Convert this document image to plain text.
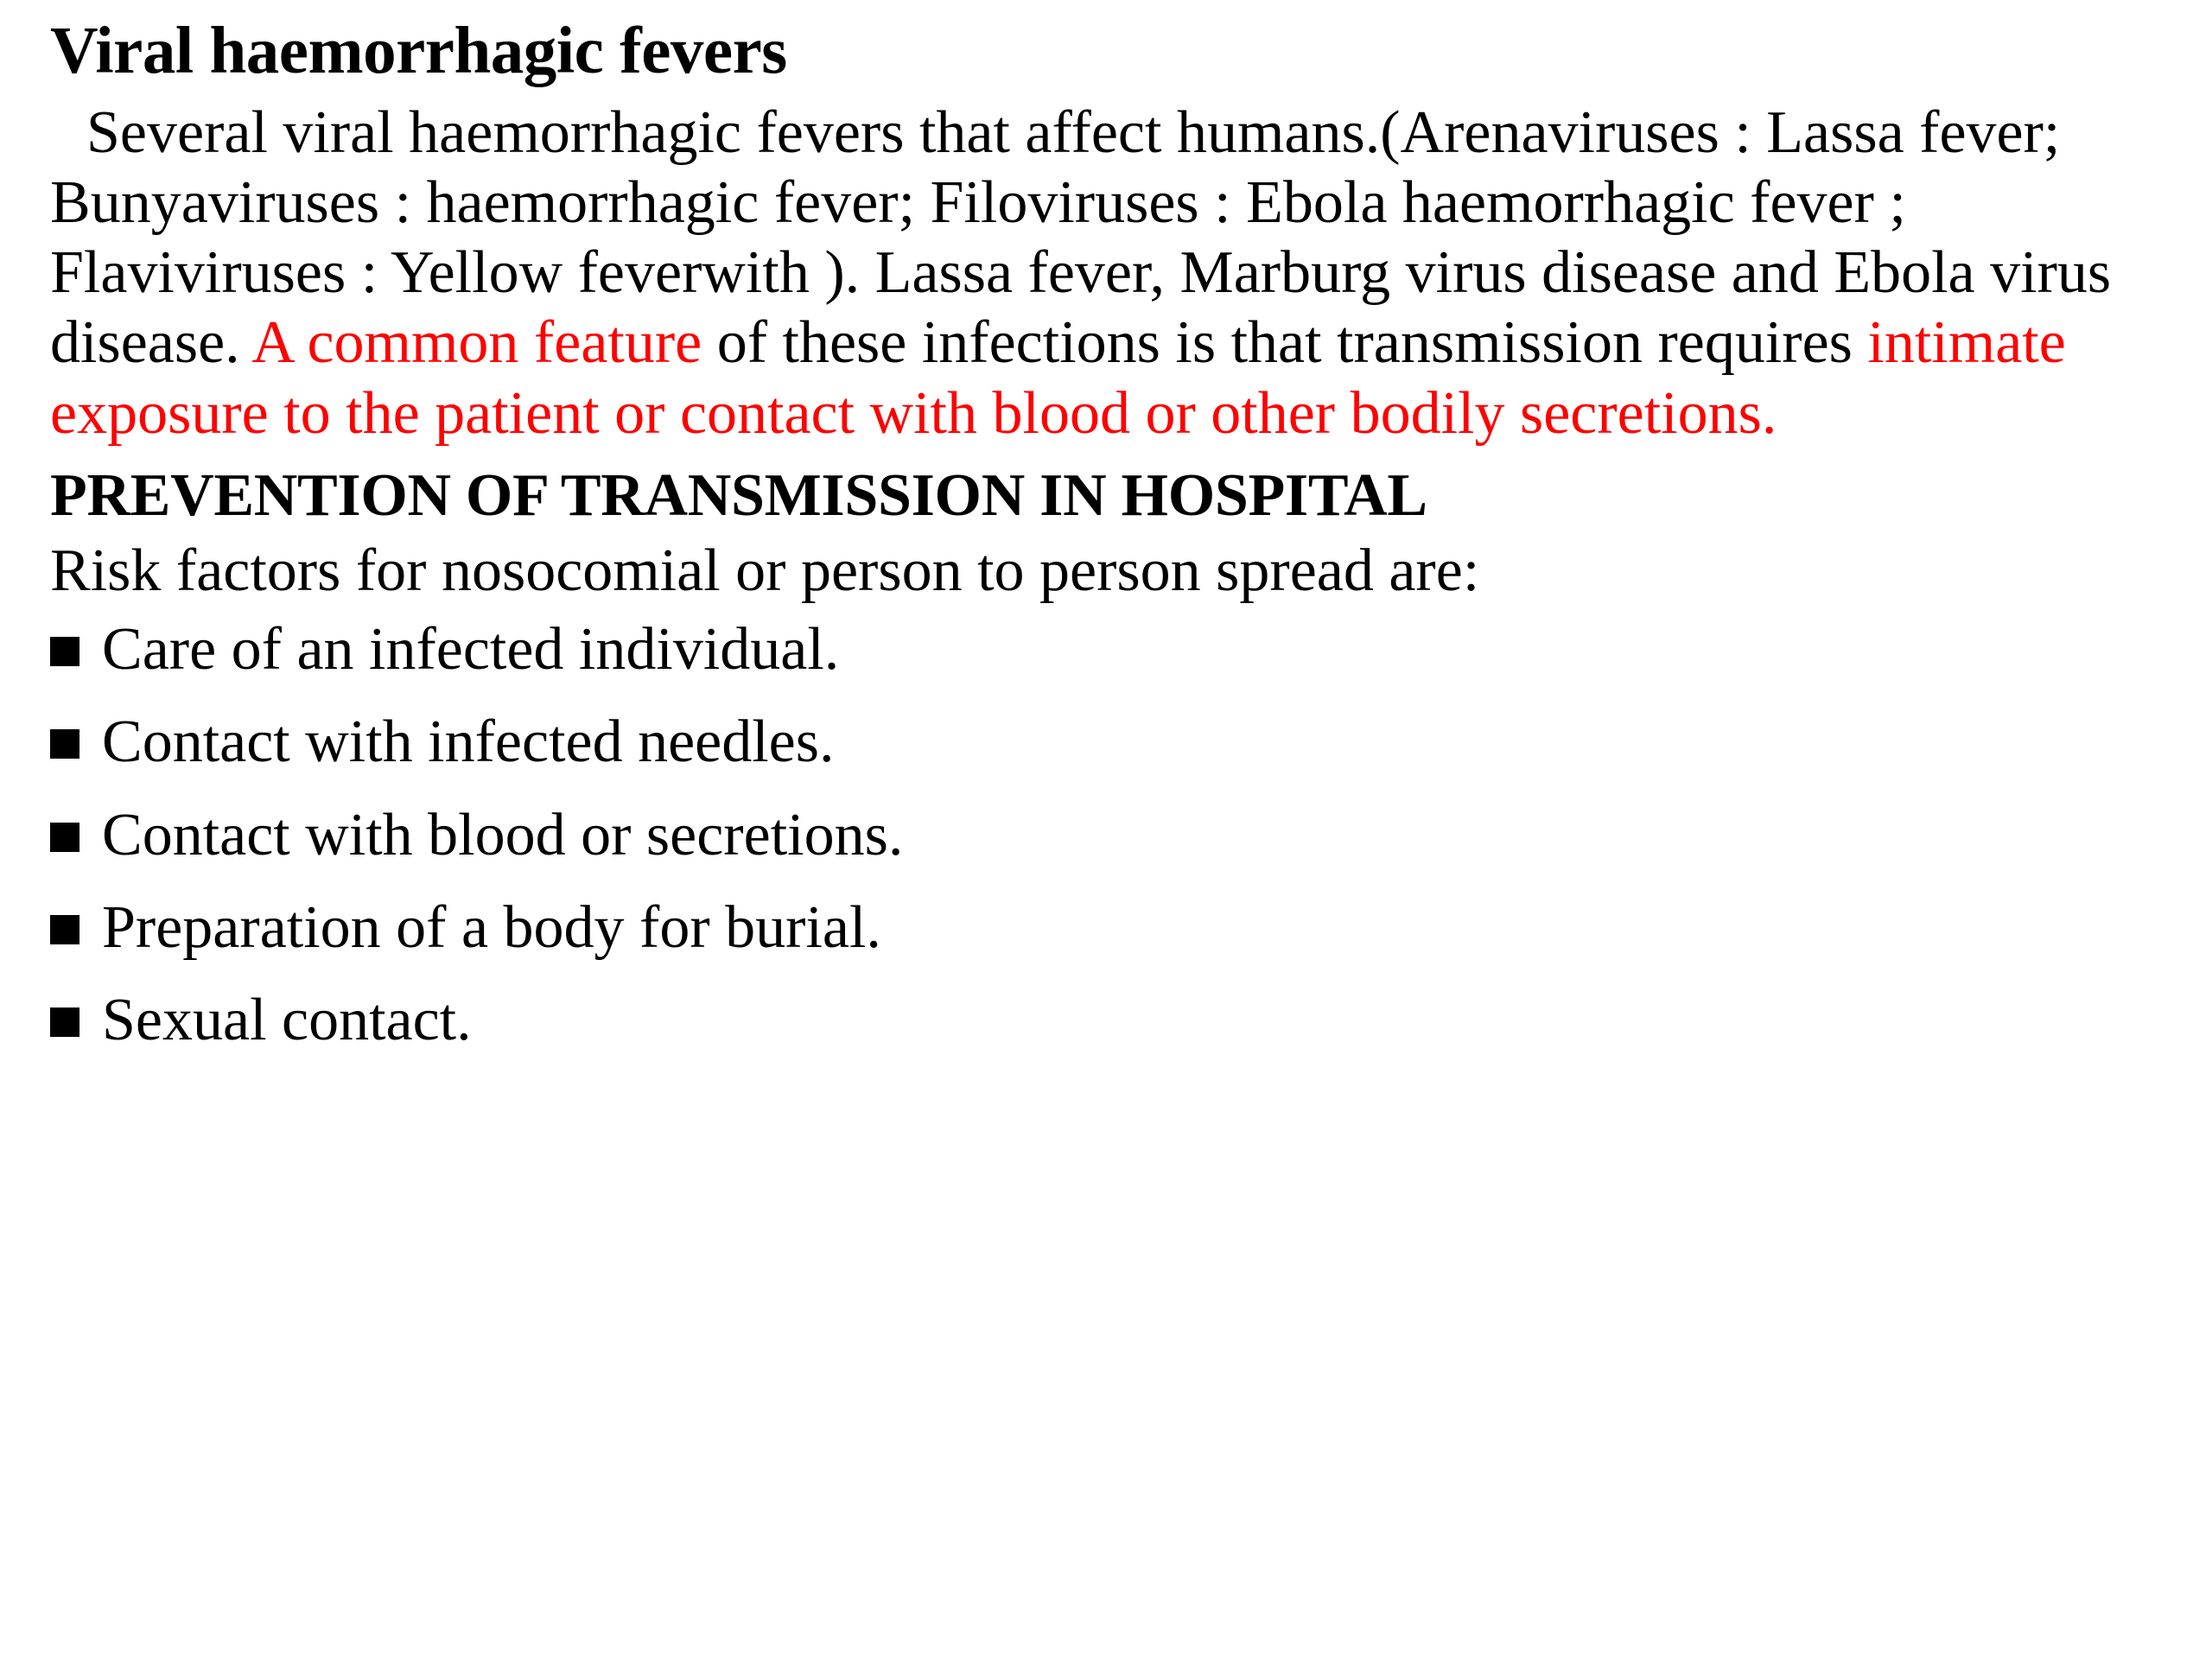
Viral haemorrhagic fevers

Several viral haemorrhagic fevers that affect humans.(Arenaviruses : Lassa fever; Bunyaviruses : haemorrhagic fever; Filoviruses : Ebola haemorrhagic fever ; Flaviviruses : Yellow feverwith ). Lassa fever, Marburg virus disease and Ebola virus disease. A common feature of these infections is that transmission requires intimate exposure to the patient or contact with blood or other bodily secretions.

PREVENTION OF TRANSMISSION IN HOSPITAL

Risk factors for nosocomial or person to person spread are:

Care of an infected individual.
Contact with infected needles.
Contact with blood or secretions.
Preparation of a body for burial.
Sexual contact.
